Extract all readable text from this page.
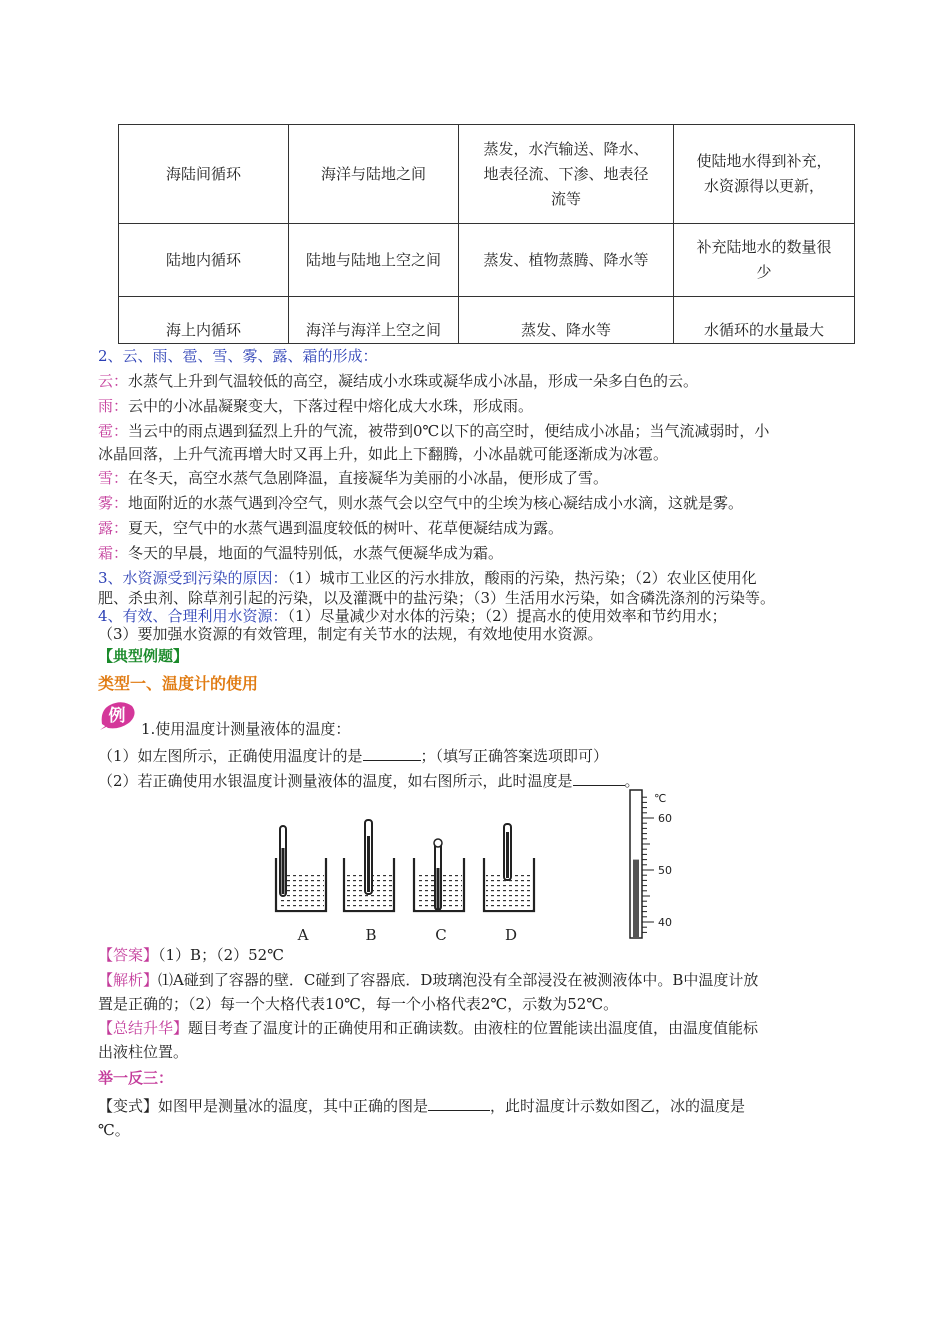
海陆间循环	海洋与陆地之间	蒸发，水汽输送、降水、
地表径流、下渗、地表径
流等	使陆地水得到补充，
水资源得以更新，

陆地内循环	陆地与陆地上空之间	蒸发、植物蒸腾、降水等	补充陆地水的数量很
少

海上内循环	海洋与海洋上空之间	蒸发、降水等	水循环的水量最大
2、云、雨、雹、雪、雾、露、霜的形成：
云：水蒸气上升到气温较低的高空，凝结成小水珠或凝华成小冰晶，形成一朵多白色的云。
雨：云中的小冰晶凝聚变大，下落过程中熔化成大水珠，形成雨。
雹：当云中的雨点遇到猛烈上升的气流，被带到0℃以下的高空时，便结成小冰晶；当气流减弱时，小
冰晶回落，上升气流再增大时又再上升，如此上下翻腾，小冰晶就可能逐渐成为冰雹。
雪：在冬天，高空水蒸气急剧降温，直接凝华为美丽的小冰晶，便形成了雪。
雾：地面附近的水蒸气遇到冷空气，则水蒸气会以空气中的尘埃为核心凝结成小水滴，这就是雾。
露：夏天，空气中的水蒸气遇到温度较低的树叶、花草便凝结成为露。
霜：冬天的早晨，地面的气温特别低，水蒸气便凝华成为霜。
3、水资源受到污染的原因：（1）城市工业区的污水排放，酸雨的污染，热污染；（2）农业区使用化
肥、杀虫剂、除草剂引起的污染，以及灌溉中的盐污染；（3）生活用水污染，如含磷洗涤剂的污染等。
4、有效、合理利用水资源：（1）尽量减少对水体的污染；（2）提高水的使用效率和节约用水；
（3）要加强水资源的有效管理，制定有关节水的法规，有效地使用水资源。
【典型例题】
类型一、温度计的使用
例
1.使用温度计测量液体的温度：
（1）如左图所示，正确使用温度计的是	；（填写正确答案选项即可）
（2）若正确使用水银温度计测量液体的温度，如右图所示，此时温度是	。
A	B	C	D
℃
60
50
40
【答案】（1）B；（2）52℃
【解析】⑴A碰到了容器的壁．C碰到了容器底．D玻璃泡没有全部浸没在被测液体中。B中温度计放
置是正确的；（2）每一个大格代表10℃，每一个小格代表2℃，示数为52℃。
【总结升华】题目考查了温度计的正确使用和正确读数。由液柱的位置能读出温度值，由温度值能标
出液柱位置。
举一反三：
【变式】如图甲是测量冰的温度，其中正确的图是	，此时温度计示数如图乙，冰的温度是
℃。
